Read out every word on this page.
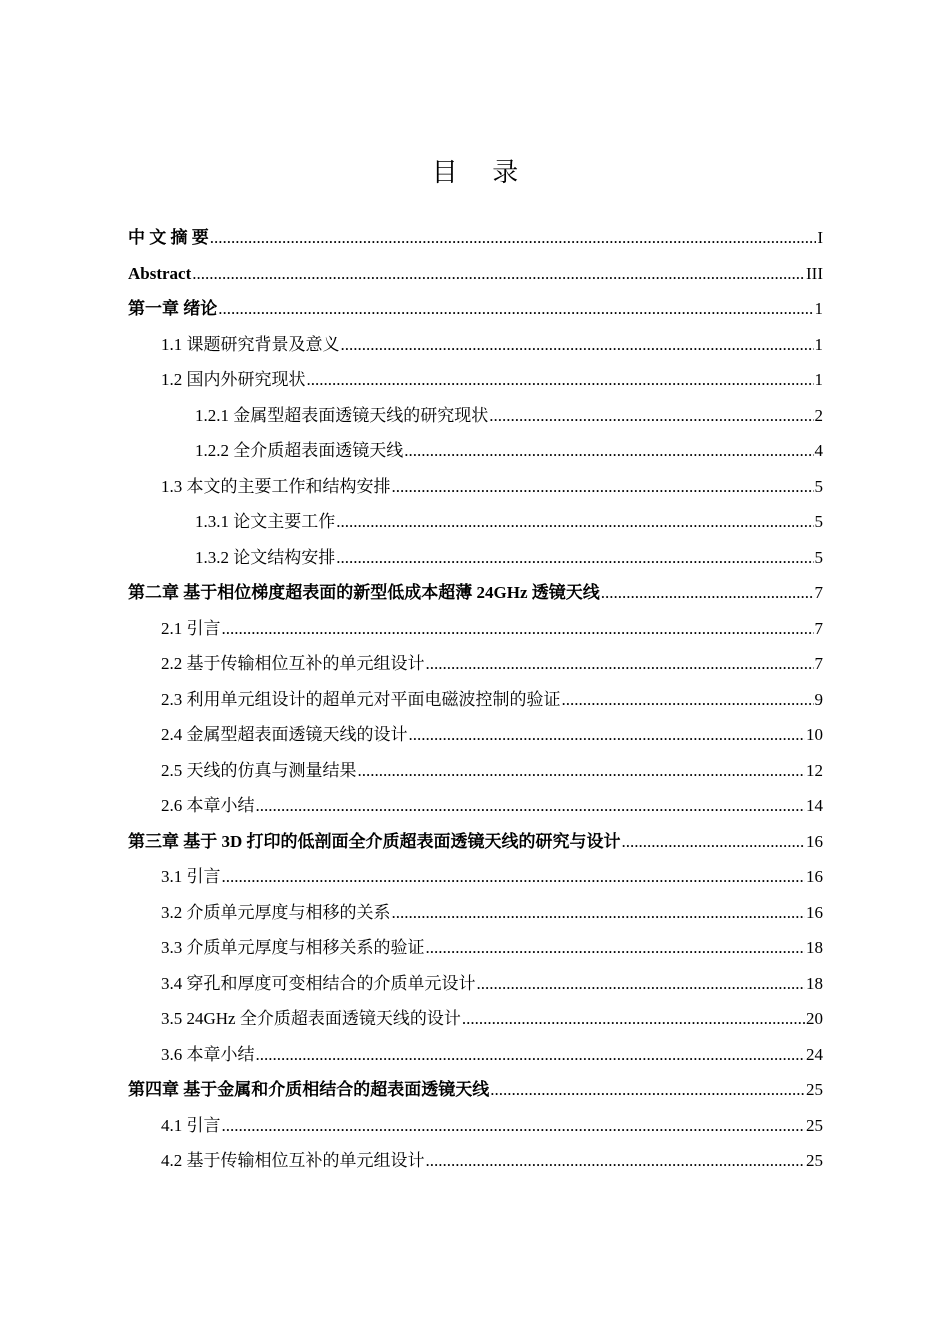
目 录
中 文 摘 要 .....	I
Abstract .....	III
第一章 绪论 .....	1
1.1 课题研究背景及意义 .....	1
1.2 国内外研究现状 .....	1
1.2.1 金属型超表面透镜天线的研究现状 .....	2
1.2.2 全介质超表面透镜天线 .....	4
1.3 本文的主要工作和结构安排 .....	5
1.3.1 论文主要工作 .....	5
1.3.2 论文结构安排 .....	5
第二章 基于相位梯度超表面的新型低成本超薄 24GHz 透镜天线 .....	7
2.1 引言 .....	7
2.2 基于传输相位互补的单元组设计 .....	7
2.3 利用单元组设计的超单元对平面电磁波控制的验证 .....	9
2.4 金属型超表面透镜天线的设计 .....	10
2.5 天线的仿真与测量结果 .....	12
2.6 本章小结 .....	14
第三章 基于 3D 打印的低剖面全介质超表面透镜天线的研究与设计 .....	16
3.1 引言 .....	16
3.2 介质单元厚度与相移的关系 .....	16
3.3 介质单元厚度与相移关系的验证 .....	18
3.4 穿孔和厚度可变相结合的介质单元设计 .....	18
3.5 24GHz 全介质超表面透镜天线的设计 .....	20
3.6 本章小结 .....	24
第四章 基于金属和介质相结合的超表面透镜天线 .....	25
4.1 引言 .....	25
4.2 基于传输相位互补的单元组设计 .....	25
